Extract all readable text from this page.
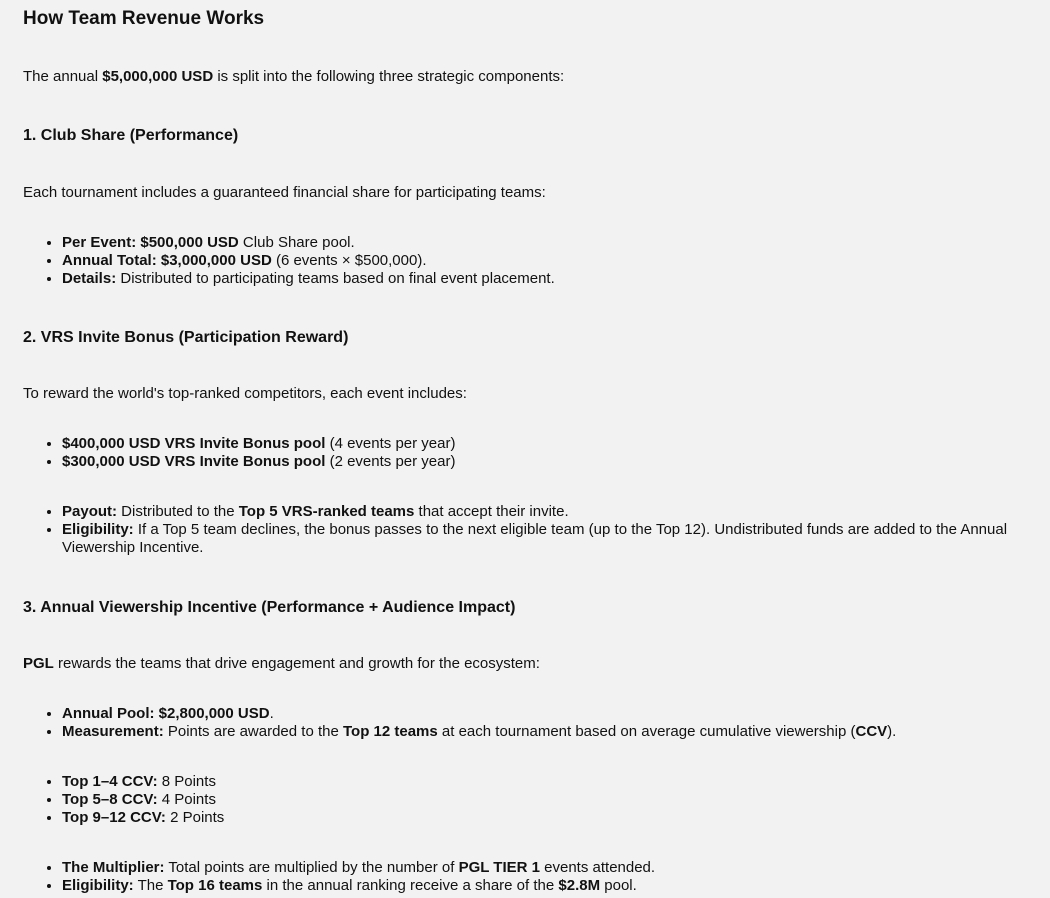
How Team Revenue Works

The annual $5,000,000 USD is split into the following three strategic components:

1. Club Share (Performance)

Each tournament includes a guaranteed financial share for participating teams:

• Per Event: $500,000 USD Club Share pool.
• Annual Total: $3,000,000 USD (6 events × $500,000).
• Details: Distributed to participating teams based on final event placement.
2. VRS Invite Bonus (Participation Reward)

To reward the world's top-ranked competitors, each event includes:

• $400,000 USD VRS Invite Bonus pool (4 events per year)
• $300,000 USD VRS Invite Bonus pool (2 events per year)
• Payout: Distributed to the Top 5 VRS-ranked teams that accept their invite.
• Eligibility: If a Top 5 team declines, the bonus passes to the next eligible team (up to the Top 12). Undistributed funds are added to the Annual Viewership Incentive.
3. Annual Viewership Incentive (Performance + Audience Impact)

PGL rewards the teams that drive engagement and growth for the ecosystem:

• Annual Pool: $2,800,000 USD.
• Measurement: Points are awarded to the Top 12 teams at each tournament based on average cumulative viewership (CCV).
• Top 1–4 CCV: 8 Points
• Top 5–8 CCV: 4 Points
• Top 9–12 CCV: 2 Points
• The Multiplier: Total points are multiplied by the number of PGL TIER 1 events attended.
• Eligibility: The Top 16 teams in the annual ranking receive a share of the $2.8M pool.
